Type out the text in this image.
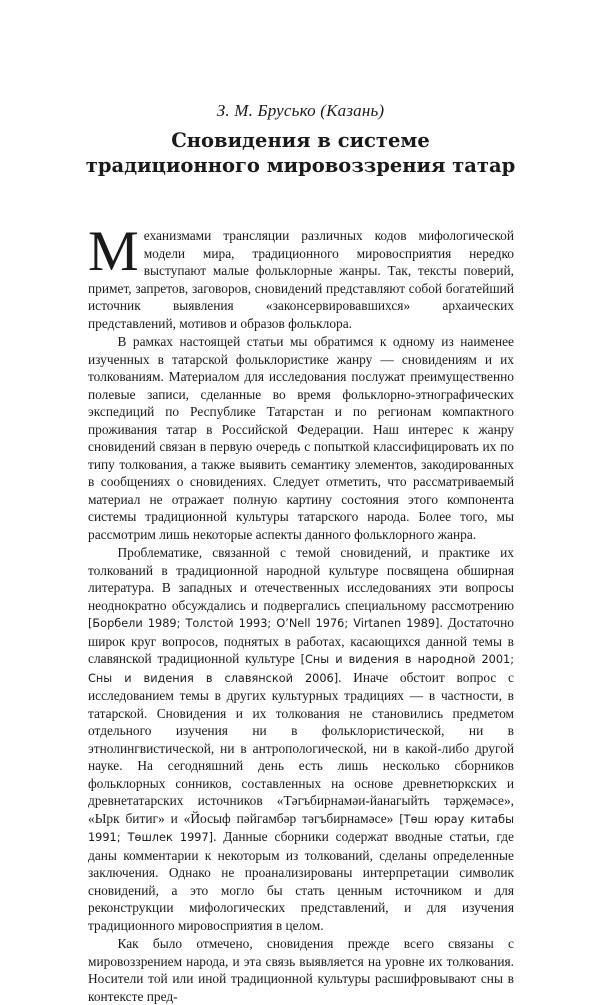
З. М. Брусько (Казань)
Сновидения в системе
традиционного мировоззрения татар

Механизмами трансляции различных кодов мифологической модели мира, традиционного мировосприятия нередко выступают малые фольклорные жанры. Так, тексты поверий, примет, запретов, заговоров, сновидений представляют собой богатейший источник выявления «законсервировавшихся» архаических представлений, мотивов и образов фольклора.

В рамках настоящей статьи мы обратимся к одному из наименее изученных в татарской фольклористике жанру — сновидениям и их толкованиям. Материалом для исследования послужат преимущественно полевые записи, сделанные во время фольклорно-этнографических экспедиций по Республике Татарстан и по регионам компактного проживания татар в Российской Федерации. Наш интерес к жанру сновидений связан в первую очередь с попыткой классифицировать их по типу толкования, а также выявить семантику элементов, закодированных в сообщениях о сновидениях. Следует отметить, что рассматриваемый материал не отражает полную картину состояния этого компонента системы традиционной культуры татарского народа. Более того, мы рассмотрим лишь некоторые аспекты данного фольклорного жанра.

Проблематике, связанной с темой сновидений, и практике их толкований в традиционной народной культуре посвящена обширная литература. В западных и отечественных исследованиях эти вопросы неоднократно обсуждались и подвергались специальному рассмотрению [Борбели 1989; Толстой 1993; O’Nell 1976; Virtanen 1989]. Достаточно широк круг вопросов, поднятых в работах, касающихся данной темы в славянской традиционной культуре [Сны и видения в народной 2001; Сны и видения в славянской 2006]. Иначе обстоит вопрос с исследованием темы в других культурных традициях — в частности, в татарской. Сновидения и их толкования не становились предметом отдельного изучения ни в фольклористической, ни в этнолингвистической, ни в антропологической, ни в какой-либо другой науке. На сегодняшний день есть лишь несколько сборников фольклорных сонников, составленных на основе древнетюркских и древнетатарских источников «Тәгъбирнамәи-йанагыйть тәрҗемәсе», «Ырк битиг» и «Йосыф пәйгамбәр тәгъбирнамәсе» [Төш юрау китабы 1991; Төшлек 1997]. Данные сборники содержат вводные статьи, где даны комментарии к некоторым из толкований, сделаны определенные заключения. Однако не проанализированы интерпретации символик сновидений, а это могло бы стать ценным источником и для реконструкции мифологических представлений, и для изучения традиционного мировосприятия в целом.

Как было отмечено, сновидения прежде всего связаны с мировоззрением народа, и эта связь выявляется на уровне их толкования. Носители той или иной традиционной культуры расшифровывают сны в контексте пред-
